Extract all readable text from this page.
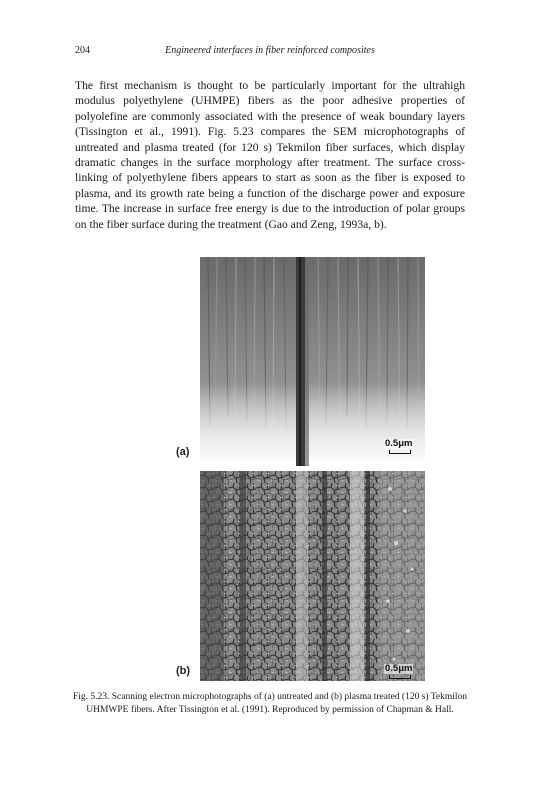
204	Engineered interfaces in fiber reinforced composites

The first mechanism is thought to be particularly important for the ultrahigh modulus polyethylene (UHMPE) fibers as the poor adhesive properties of polyolefine are commonly associated with the presence of weak boundary layers (Tissington et al., 1991). Fig. 5.23 compares the SEM microphotographs of untreated and plasma treated (for 120 s) Tekmilon fiber surfaces, which display dramatic changes in the surface morphology after treatment. The surface cross-linking of polyethylene fibers appears to start as soon as the fiber is exposed to plasma, and its growth rate being a function of the discharge power and exposure time. The increase in surface free energy is due to the introduction of polar groups on the fiber surface during the treatment (Gao and Zeng, 1993a, b).

(a)
0.5μm
(b)	0.5μm

Fig. 5.23. Scanning electron microphotographs of (a) untreated and (b) plasma treated (120 s) Tekmilon UHMWPE fibers. After Tissington et al. (1991). Reproduced by permission of Chapman & Hall.
